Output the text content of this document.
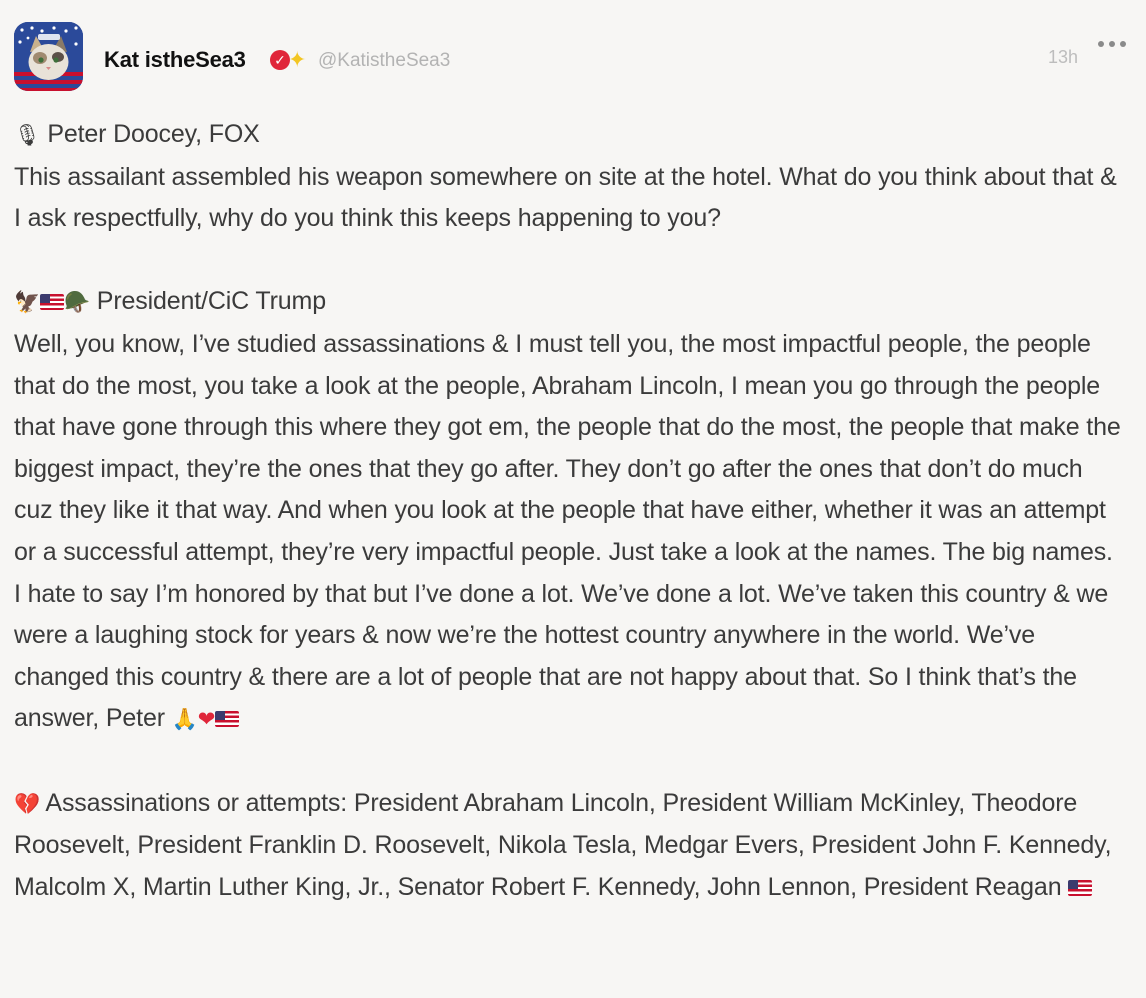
Kat istheSea3 ✓✦ @KatistheSea3	13h

🎙 Peter Doocey, FOX

This assailant assembled his weapon somewhere on site at the hotel. What do you think about that & I ask respectfully, why do you think this keeps happening to you?

🦅 🪖 President/CiC Trump

Well, you know, I’ve studied assassinations & I must tell you, the most impactful people, the people that do the most, you take a look at the people, Abraham Lincoln, I mean you go through the people that have gone through this where they got em, the people that do the most, the people that make the biggest impact, they’re the ones that they go after. They don’t go after the ones that don’t do much cuz they like it that way. And when you look at the people that have either, whether it was an attempt or a successful attempt, they’re very impactful people. Just take a look at the names. The big names. I hate to say I’m honored by that but I’ve done a lot. We’ve done a lot. We’ve taken this country & we were a laughing stock for years & now we’re the hottest country anywhere in the world. We’ve changed this country & there are a lot of people that are not happy about that. So I think that’s the answer, Peter 🙏❤

💔 Assassinations or attempts: President Abraham Lincoln, President William McKinley, Theodore Roosevelt, President Franklin D. Roosevelt, Nikola Tesla, Medgar Evers, President John F. Kennedy, Malcolm X, Martin Luther King, Jr., Senator Robert F. Kennedy, John Lennon, President Reagan
